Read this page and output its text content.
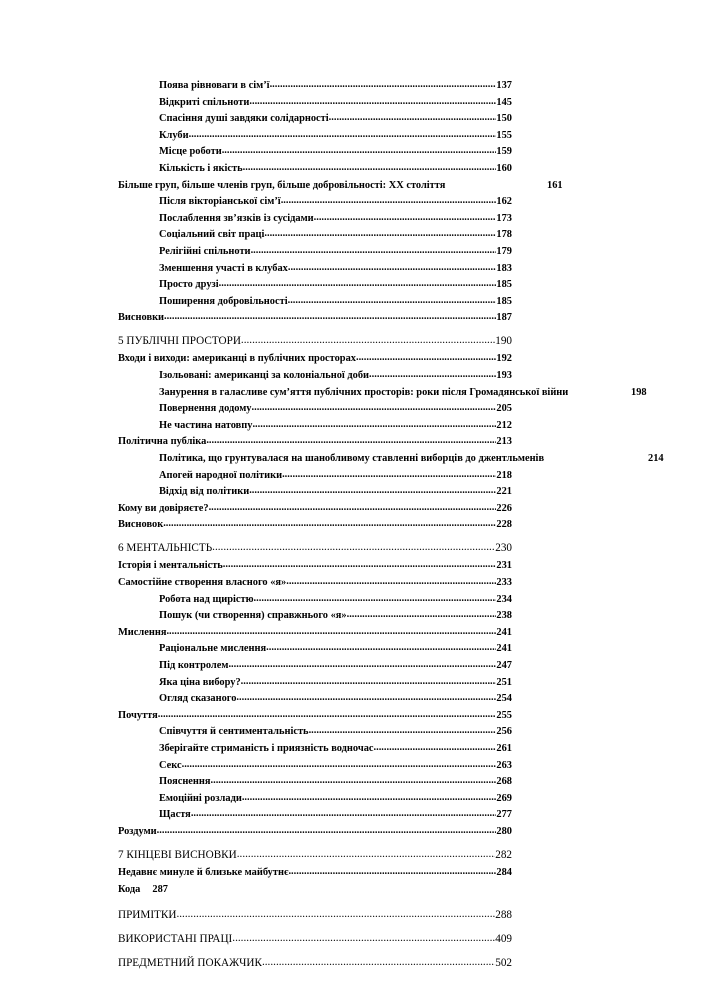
Поява рівноваги в сім’ї .....	137
Відкриті спільноти .....	145
Спасіння душі завдяки солідарності .....	150
Клуби .....	155
Місце роботи .....	159
Кількість і якість .....	160
Більше груп, більше членів груп, більше добровільності: ХХ століття	161
Після вікторіанської сім’ї .....	162
Послаблення зв’язків із сусідами .....	173
Соціальний світ праці .....	178
Релігійні спільноти .....	179
Зменшення участі в клубах .....	183
Просто друзі .....	185
Поширення добровільності .....	185
Висновки .....	187
5 ПУБЛІЧНІ ПРОСТОРИ .....	190
Входи і виходи: американці в публічних просторах .....	192
Ізольовані: американці за колоніальної доби .....	193
Занурення в галасливе сум’яття публічних просторів: роки після Громадянської війни	198
Повернення додому .....	205
Не частина натовпу .....	212
Політична публіка .....	213
Політика, що грунтувалася на шанобливому ставленні виборців до джентльменів	214
Апогей народної політики .....	218
Відхід від політики .....	221
Кому ви довіряєте? .....	226
Висновок .....	228
6 МЕНТАЛЬНІСТЬ .....	230
Історія і ментальність .....	231
Самостійне створення власного «я» .....	233
Робота над щирістю .....	234
Пошук (чи створення) справжнього «я» .....	238
Мислення .....	241
Раціональне мислення .....	241
Під контролем .....	247
Яка ціна вибору? .....	251
Огляд сказаного .....	254
Почуття .....	255
Співчуття й сентиментальність .....	256
Зберігайте стриманість і приязність водночас .....	261
Секс .....	263
Пояснення .....	268
Емоційні розлади .....	269
Щастя .....	277
Роздуми .....	280
7 КІНЦЕВІ ВИСНОВКИ .....	282
Недавнє минуле й близьке майбутнє .....	284
Кода 287
ПРИМІТКИ .....	288
ВИКОРИСТАНІ ПРАЦІ .....	409
ПРЕДМЕТНИЙ ПОКАЖЧИК .....	502
